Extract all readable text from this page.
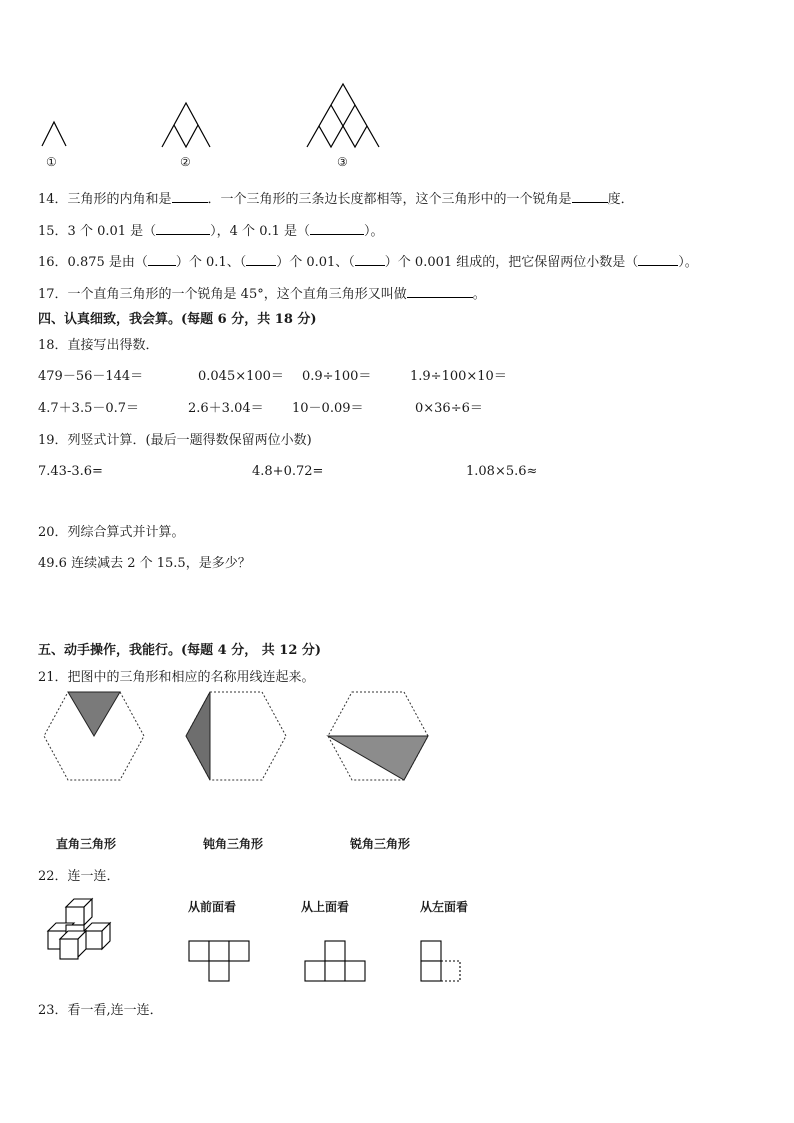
①	②	③
14．三角形的内角和是	．一个三角形的三条边长度都相等，这个三角形中的一个锐角是	度．
15．3 个 0.01 是（	），4 个 0.1 是（	）。
16．0.875 是由（ ）个 0.1、（ ）个 0.01、（ ）个 0.001 组成的，把它保留两位小数是（	）。
17．一个直角三角形的一个锐角是 45°，这个直角三角形又叫做	。
四、认真细致，我会算。(每题 6 分，共 18 分)
18．直接写出得数．
479－56－144＝	0.045×100＝ 0.9÷100＝	1.9÷100×10＝
4.7＋3.5－0.7＝	2.6＋3.04＝ 10－0.09＝	0×36÷6＝
19．列竖式计算．(最后一题得数保留两位小数)
7.43-3.6=	4.8+0.72=	1.08×5.6≈
20．列综合算式并计算。
49.6 连续减去 2 个 15.5，是多少？
五、动手操作，我能行。(每题 4 分， 共 12 分)
21．把图中的三角形和相应的名称用线连起来。
直角三角形	钝角三角形	锐角三角形
22．连一连．
从前面看	从上面看	从左面看
23．看一看,连一连．
